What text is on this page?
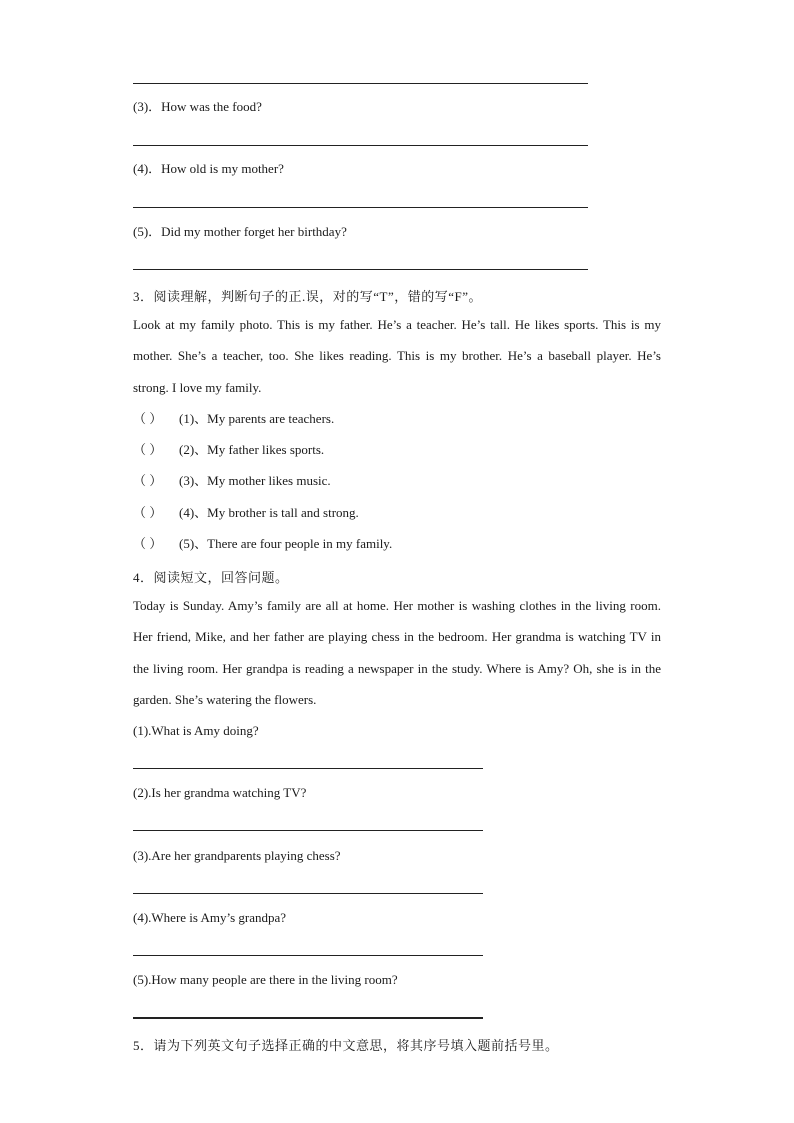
(3)．How was the food?
(4)．How old is my mother?
(5)．Did my mother forget her birthday?
3．阅读理解，判断句子的正.误，对的写“T”，错的写“F”。
Look at my family photo. This is my father. He’s a teacher. He’s tall. He likes sports. This is my mother. She’s a teacher, too. She likes reading. This is my brother. He’s a baseball player. He’s strong. I love my family.
（ ） (1)、My parents are teachers.
（ ） (2)、My father likes sports.
（ ） (3)、My mother likes music.
（ ） (4)、My brother is tall and strong.
（ ） (5)、There are four people in my family.
4．阅读短文，回答问题。
Today is Sunday. Amy’s family are all at home. Her mother is washing clothes in the living room. Her friend, Mike, and her father are playing chess in the bedroom. Her grandma is watching TV in the living room. Her grandpa is reading a newspaper in the study. Where is Amy? Oh, she is in the garden. She’s watering the flowers.
(1).What is Amy doing?
(2).Is her grandma watching TV?
(3).Are her grandparents playing chess?
(4).Where is Amy’s grandpa?
(5).How many people are there in the living room?
5．请为下列英文句子选择正确的中文意思，将其序号填入题前括号里。
